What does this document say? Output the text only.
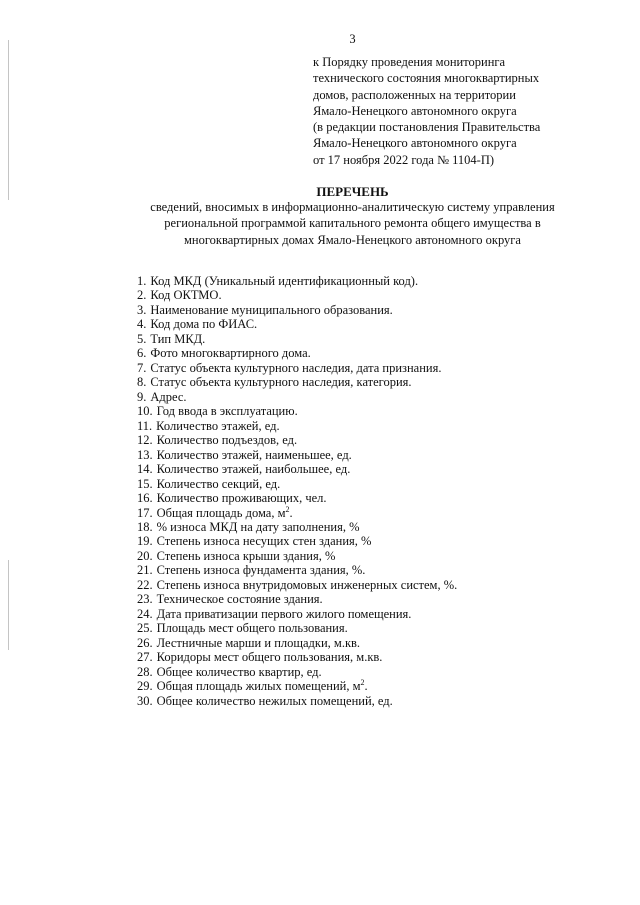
3
к Порядку проведения мониторинга
технического состояния многоквартирных
домов, расположенных на территории
Ямало-Ненецкого автономного округа
(в редакции постановления Правительства
Ямало-Ненецкого автономного округа
от 17 ноября 2022 года № 1104-П)
ПЕРЕЧЕНЬ
сведений, вносимых в информационно-аналитическую систему управления
региональной программой капитального ремонта общего имущества в
многоквартирных домах Ямало-Ненецкого автономного округа
1. Код МКД (Уникальный идентификационный код).
2. Код ОКТМО.
3. Наименование муниципального образования.
4. Код дома по ФИАС.
5. Тип МКД.
6. Фото многоквартирного дома.
7. Статус объекта культурного наследия, дата признания.
8. Статус объекта культурного наследия, категория.
9. Адрес.
10. Год ввода в эксплуатацию.
11. Количество этажей, ед.
12. Количество подъездов, ед.
13. Количество этажей, наименьшее, ед.
14. Количество этажей, наибольшее, ед.
15. Количество секций, ед.
16. Количество проживающих, чел.
17. Общая площадь дома, $м^2$.
18. % износа МКД на дату заполнения, %
19. Степень износа несущих стен здания, %
20. Степень износа крыши здания, %
21. Степень износа фундамента здания, %.
22. Степень износа внутридомовых инженерных систем, %.
23. Техническое состояние здания.
24. Дата приватизации первого жилого помещения.
25. Площадь мест общего пользования.
26. Лестничные марши и площадки, м.кв.
27. Коридоры мест общего пользования, м.кв.
28. Общее количество квартир, ед.
29. Общая площадь жилых помещений, $м^2$.
30. Общее количество нежилых помещений, ед.
